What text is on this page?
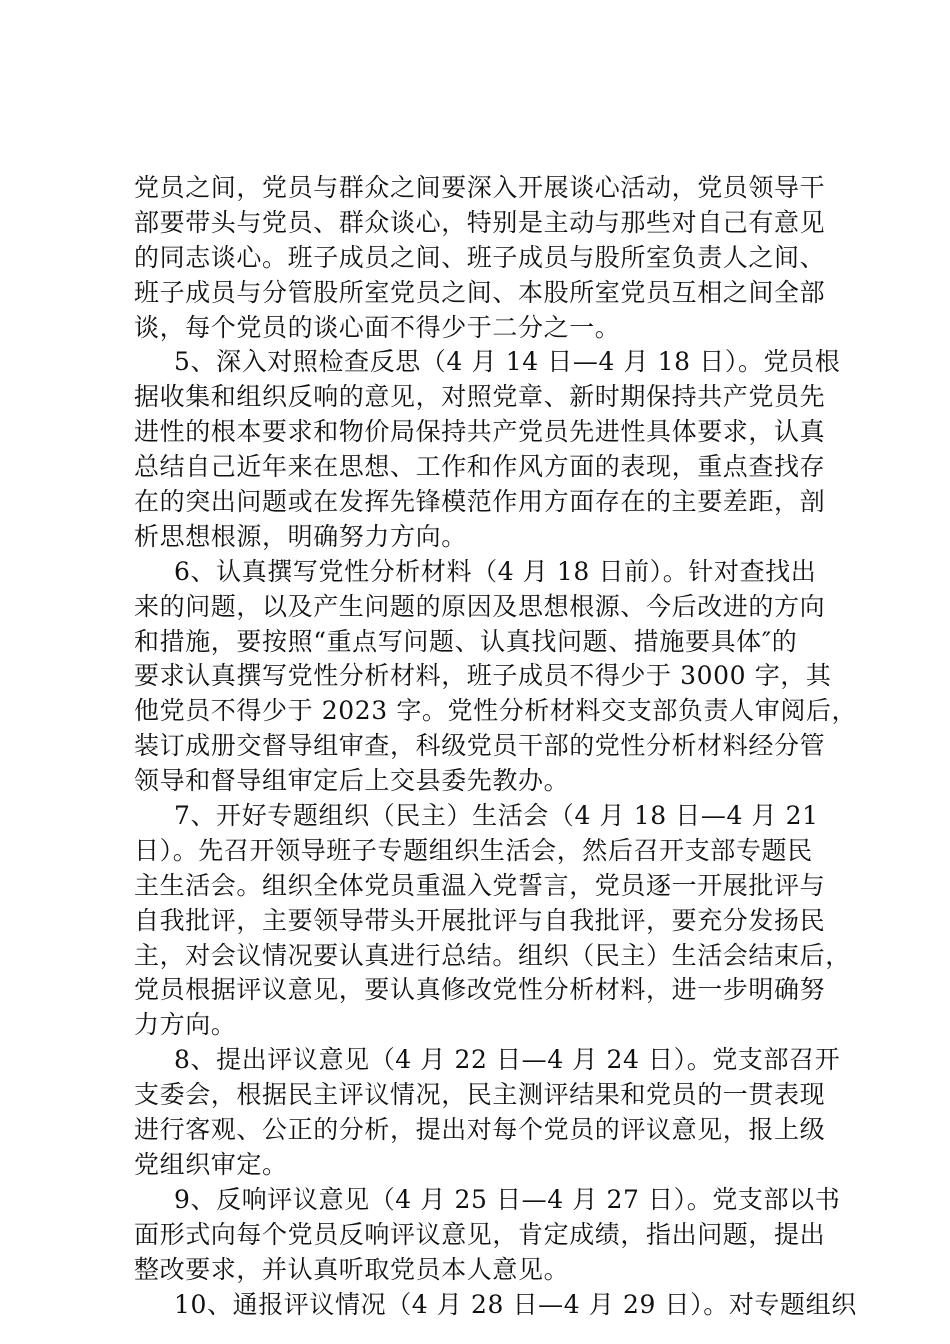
党员之间，党员与群众之间要深入开展谈心活动，党员领导干
部要带头与党员、群众谈心，特别是主动与那些对自己有意见
的同志谈心。班子成员之间、班子成员与股所室负责人之间、
班子成员与分管股所室党员之间、本股所室党员互相之间全部
谈，每个党员的谈心面不得少于二分之一。
5、深入对照检查反思（4 月 14 日—4 月 18 日）。党员根
据收集和组织反响的意见，对照党章、新时期保持共产党员先
进性的根本要求和物价局保持共产党员先进性具体要求，认真
总结自己近年来在思想、工作和作风方面的表现，重点查找存
在的突出问题或在发挥先锋模范作用方面存在的主要差距，剖
析思想根源，明确努力方向。
6、认真撰写党性分析材料（4 月 18 日前）。针对查找出
来的问题，以及产生问题的原因及思想根源、今后改进的方向
和措施，要按照“重点写问题、认真找问题、措施要具体″的
要求认真撰写党性分析材料，班子成员不得少于 3000 字，其
他党员不得少于 2023 字。党性分析材料交支部负责人审阅后，
装订成册交督导组审查，科级党员干部的党性分析材料经分管
领导和督导组审定后上交县委先教办。
7、开好专题组织（民主）生活会（4 月 18 日—4 月 21
日）。先召开领导班子专题组织生活会，然后召开支部专题民
主生活会。组织全体党员重温入党誓言，党员逐一开展批评与
自我批评，主要领导带头开展批评与自我批评，要充分发扬民
主，对会议情况要认真进行总结。组织（民主）生活会结束后，
党员根据评议意见，要认真修改党性分析材料，进一步明确努
力方向。
8、提出评议意见（4 月 22 日—4 月 24 日）。党支部召开
支委会，根据民主评议情况，民主测评结果和党员的一贯表现
进行客观、公正的分析，提出对每个党员的评议意见，报上级
党组织审定。
9、反响评议意见（4 月 25 日—4 月 27 日）。党支部以书
面形式向每个党员反响评议意见，肯定成绩，指出问题，提出
整改要求，并认真听取党员本人意见。
10、通报评议情况（4 月 28 日—4 月 29 日）。对专题组织
